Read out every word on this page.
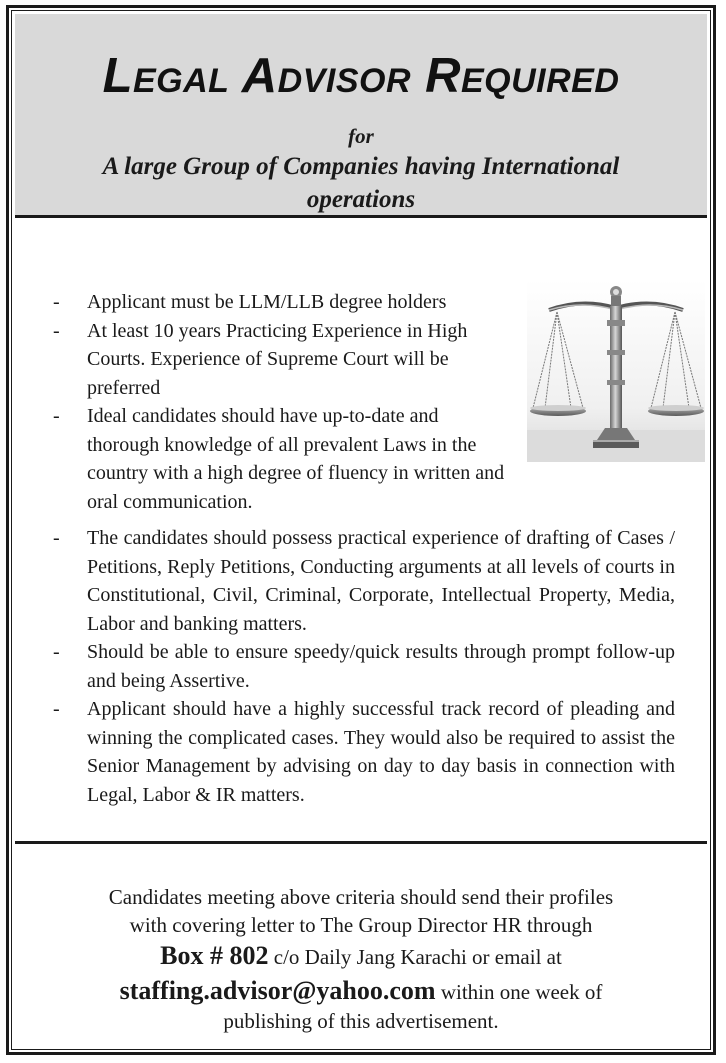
Legal Advisor Required
for
A large Group of Companies having International operations
- Applicant must be LLM/LLB degree holders
- At least 10 years Practicing Experience in High Courts. Experience of Supreme Court will be preferred
- Ideal candidates should have up-to-date and thorough knowledge of all prevalent Laws in the country with a high degree of fluency in written and oral communication.
- The candidates should possess practical experience of drafting of Cases / Petitions, Reply Petitions, Conducting arguments at all levels of courts in Constitutional, Civil, Criminal, Corporate, Intellectual Property, Media, Labor and banking matters.
- Should be able to ensure speedy/quick results through prompt follow-up and being Assertive.
- Applicant should have a highly successful track record of pleading and winning the complicated cases. They would also be required to assist the Senior Management by advising on day to day basis in connection with Legal, Labor & IR matters.
Candidates meeting above criteria should send their profiles
with covering letter to The Group Director HR through
Box # 802 c/o Daily Jang Karachi or email at
staffing.advisor@yahoo.com within one week of
publishing of this advertisement.
